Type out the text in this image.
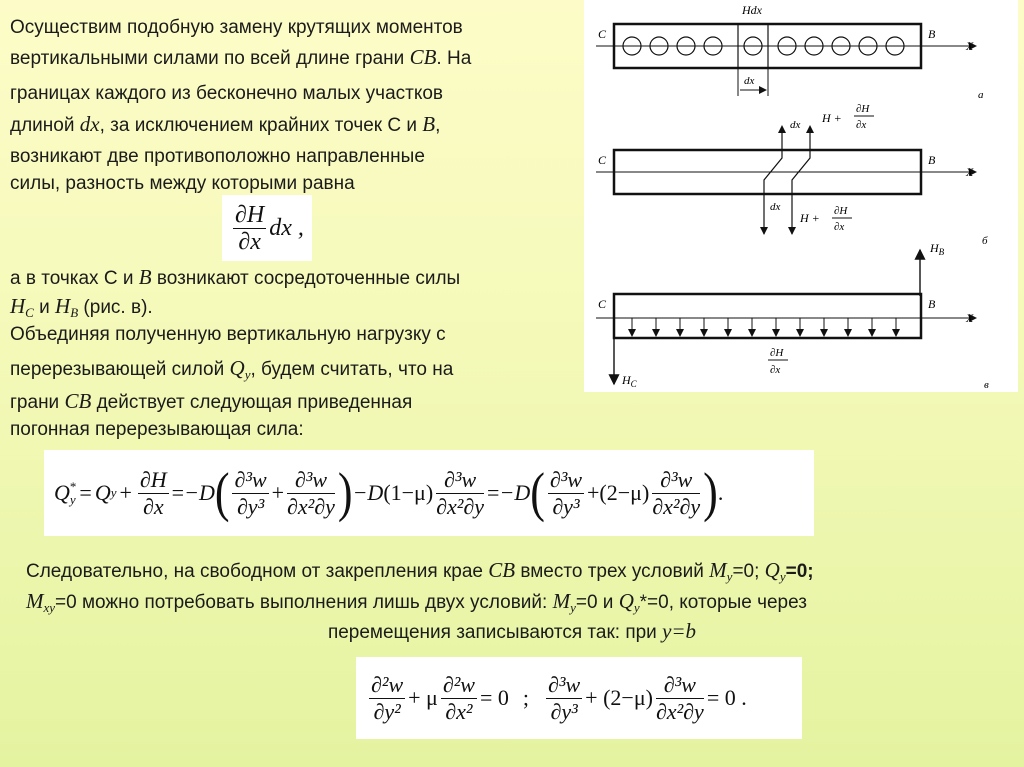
Осуществим подобную замену крутящих моментов

вертикальными силами по всей длине грани СВ. На

границах каждого из бесконечно малых участков

длиной dx, за исключением крайних точек С и В,

возникают две противоположно направленные

силы, разность между которыми равна

∂H
∂x
dx ,

а в точках С и В возникают сосредоточенные силы

$H_C$ и $H_B$ (рис. в).

Объединяя полученную вертикальную нагрузку с

перерезывающей силой $Q_y$, будем считать, что на

грани СВ действует следующая приведенная

погонная перерезывающая сила:

Hdx
C	B
X
dx
а
C	B
X
dx H +
∂H
∂x
dx
H + ∂H
∂x
б
$H_B$
C	B
X
$H_C$
∂H
∂x
в
Q *
y = Q $y + \frac{\partial H}{\partial x} = -D$ ( ∂³w
∂y³
+ $\frac{\text{∂³w}}{\text{∂x²∂y}}$ ) −D $(1-\mu) \frac{\text{∂³w}}{\text{∂x²∂y}} = -D$ ( ∂³w
∂y³
+ (2−μ)
∂³w
∂x²∂y ) .

Следовательно, на свободном от закрепления крае СВ вместо трех условий $M_y=0$; $Q_y=0$;

$M_{xy}=0$ можно потребовать выполнения лишь двух условий: $M_y=0$ и $Q_y*=0$, которые через

перемещения записываются так: при y=b
∂²w
∂y²
+ μ $\frac{\text{∂²w}}{\text{∂x²}} = 0$ ;
∂³w
∂y³
+ $(2-\mu) \frac{\text{∂³w}}{\text{∂x²∂y}} = 0$ .
